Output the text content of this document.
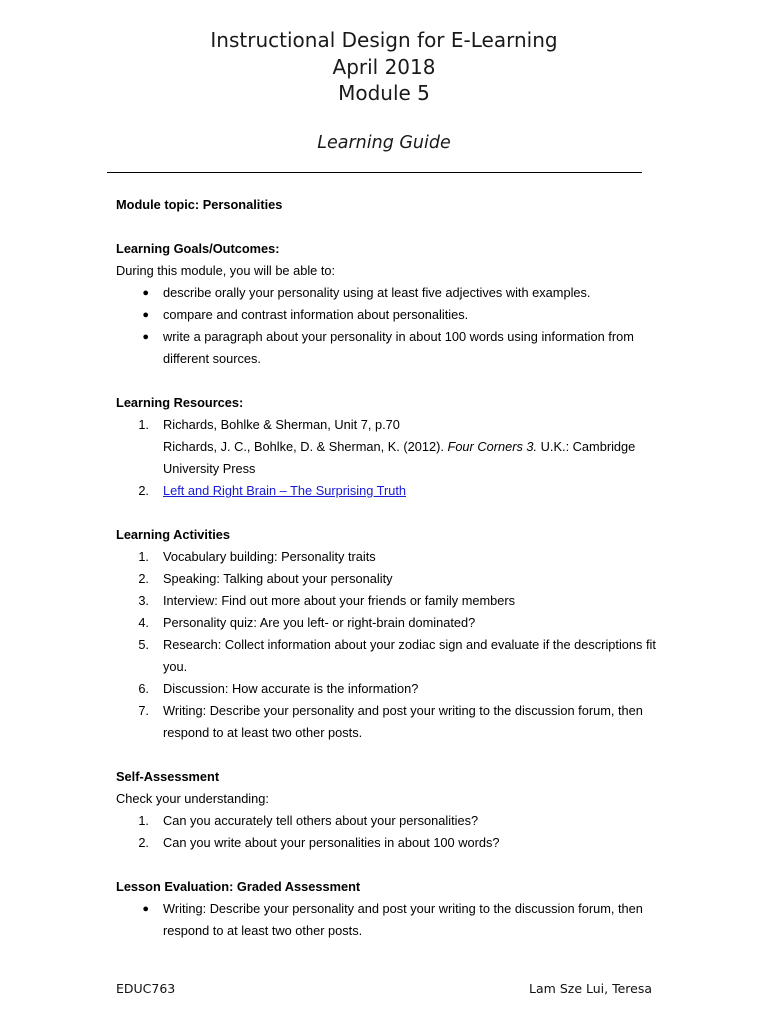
Instructional Design for E-Learning
April 2018
Module 5
Learning Guide
Module topic: Personalities
Learning Goals/Outcomes:
During this module, you will be able to:
● describe orally your personality using at least five adjectives with examples.
● compare and contrast information about personalities.
● write a paragraph about your personality in about 100 words using information from different sources.
Learning Resources:
1. Richards, Bohlke & Sherman, Unit 7, p.70
Richards, J. C., Bohlke, D. & Sherman, K. (2012). Four Corners 3. U.K.: Cambridge University Press
2. Left and Right Brain – The Surprising Truth
Learning Activities
1. Vocabulary building: Personality traits
2. Speaking: Talking about your personality
3. Interview: Find out more about your friends or family members
4. Personality quiz: Are you left- or right-brain dominated?
5. Research: Collect information about your zodiac sign and evaluate if the descriptions fit you.
6. Discussion: How accurate is the information?
7. Writing: Describe your personality and post your writing to the discussion forum, then respond to at least two other posts.
Self-Assessment
Check your understanding:
1. Can you accurately tell others about your personalities?
2. Can you write about your personalities in about 100 words?
Lesson Evaluation: Graded Assessment
● Writing: Describe your personality and post your writing to the discussion forum, then respond to at least two other posts.
EDUC763	Lam Sze Lui, Teresa
